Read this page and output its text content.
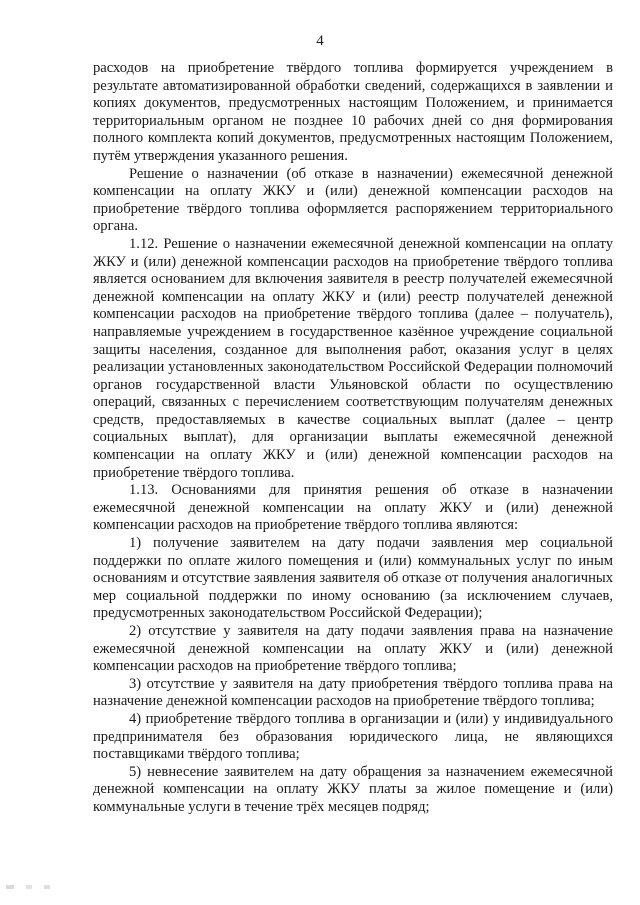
4

расходов на приобретение твёрдого топлива формируется учреждением в результате автоматизированной обработки сведений, содержащихся в заявлении и копиях документов, предусмотренных настоящим Положением, и принимается территориальным органом не позднее 10 рабочих дней со дня формирования полного комплекта копий документов, предусмотренных настоящим Положением, путём утверждения указанного решения.

Решение о назначении (об отказе в назначении) ежемесячной денежной компенсации на оплату ЖКУ и (или) денежной компенсации расходов на приобретение твёрдого топлива оформляется распоряжением территориального органа.

1.12. Решение о назначении ежемесячной денежной компенсации на оплату ЖКУ и (или) денежной компенсации расходов на приобретение твёрдого топлива является основанием для включения заявителя в реестр получателей ежемесячной денежной компенсации на оплату ЖКУ и (или) реестр получателей денежной компенсации расходов на приобретение твёрдого топлива (далее – получатель), направляемые учреждением в государственное казённое учреждение социальной защиты населения, созданное для выполнения работ, оказания услуг в целях реализации установленных законодательством Российской Федерации полномочий органов государственной власти Ульяновской области по осуществлению операций, связанных с перечислением соответствующим получателям денежных средств, предоставляемых в качестве социальных выплат (далее – центр социальных выплат), для организации выплаты ежемесячной денежной компенсации на оплату ЖКУ и (или) денежной компенсации расходов на приобретение твёрдого топлива.

1.13. Основаниями для принятия решения об отказе в назначении ежемесячной денежной компенсации на оплату ЖКУ и (или) денежной компенсации расходов на приобретение твёрдого топлива являются:

1) получение заявителем на дату подачи заявления мер социальной поддержки по оплате жилого помещения и (или) коммунальных услуг по иным основаниям и отсутствие заявления заявителя об отказе от получения аналогичных мер социальной поддержки по иному основанию (за исключением случаев, предусмотренных законодательством Российской Федерации);

2) отсутствие у заявителя на дату подачи заявления права на назначение ежемесячной денежной компенсации на оплату ЖКУ и (или) денежной компенсации расходов на приобретение твёрдого топлива;

3) отсутствие у заявителя на дату приобретения твёрдого топлива права на назначение денежной компенсации расходов на приобретение твёрдого топлива;

4) приобретение твёрдого топлива в организации и (или) у индивидуального предпринимателя без образования юридического лица, не являющихся поставщиками твёрдого топлива;

5) невнесение заявителем на дату обращения за назначением ежемесячной денежной компенсации на оплату ЖКУ платы за жилое помещение и (или) коммунальные услуги в течение трёх месяцев подряд;
